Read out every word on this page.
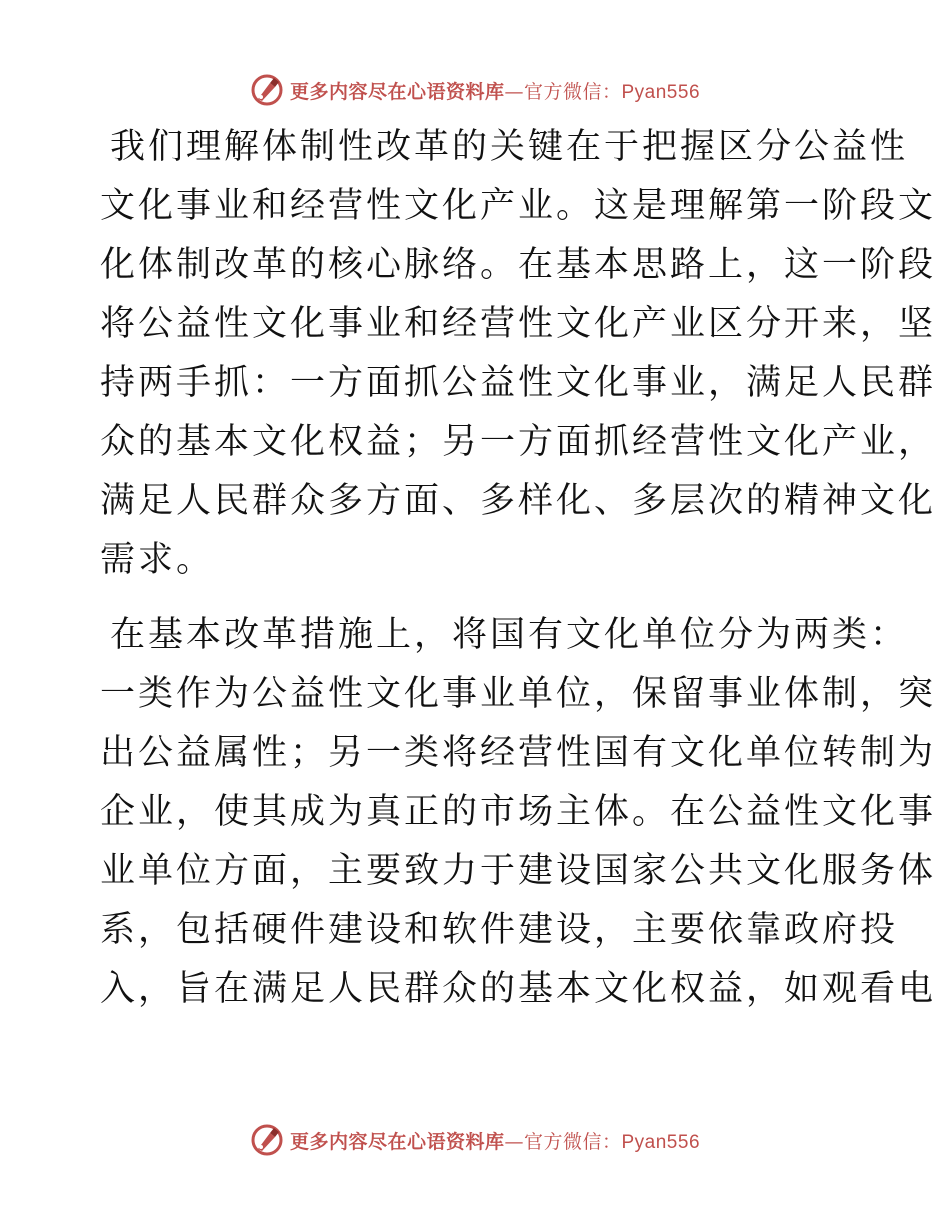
更多内容尽在心语资料库—官方微信：Pyan556
我们理解体制性改革的关键在于把握区分公益性
文化事业和经营性文化产业。这是理解第一阶段文
化体制改革的核心脉络。在基本思路上，这一阶段
将公益性文化事业和经营性文化产业区分开来，坚
持两手抓：一方面抓公益性文化事业，满足人民群
众的基本文化权益；另一方面抓经营性文化产业，
满足人民群众多方面、多样化、多层次的精神文化
需求。
在基本改革措施上，将国有文化单位分为两类：
一类作为公益性文化事业单位，保留事业体制，突
出公益属性；另一类将经营性国有文化单位转制为
企业，使其成为真正的市场主体。在公益性文化事
业单位方面，主要致力于建设国家公共文化服务体
系，包括硬件建设和软件建设，主要依靠政府投
入，旨在满足人民群众的基本文化权益，如观看电
更多内容尽在心语资料库—官方微信：Pyan556
